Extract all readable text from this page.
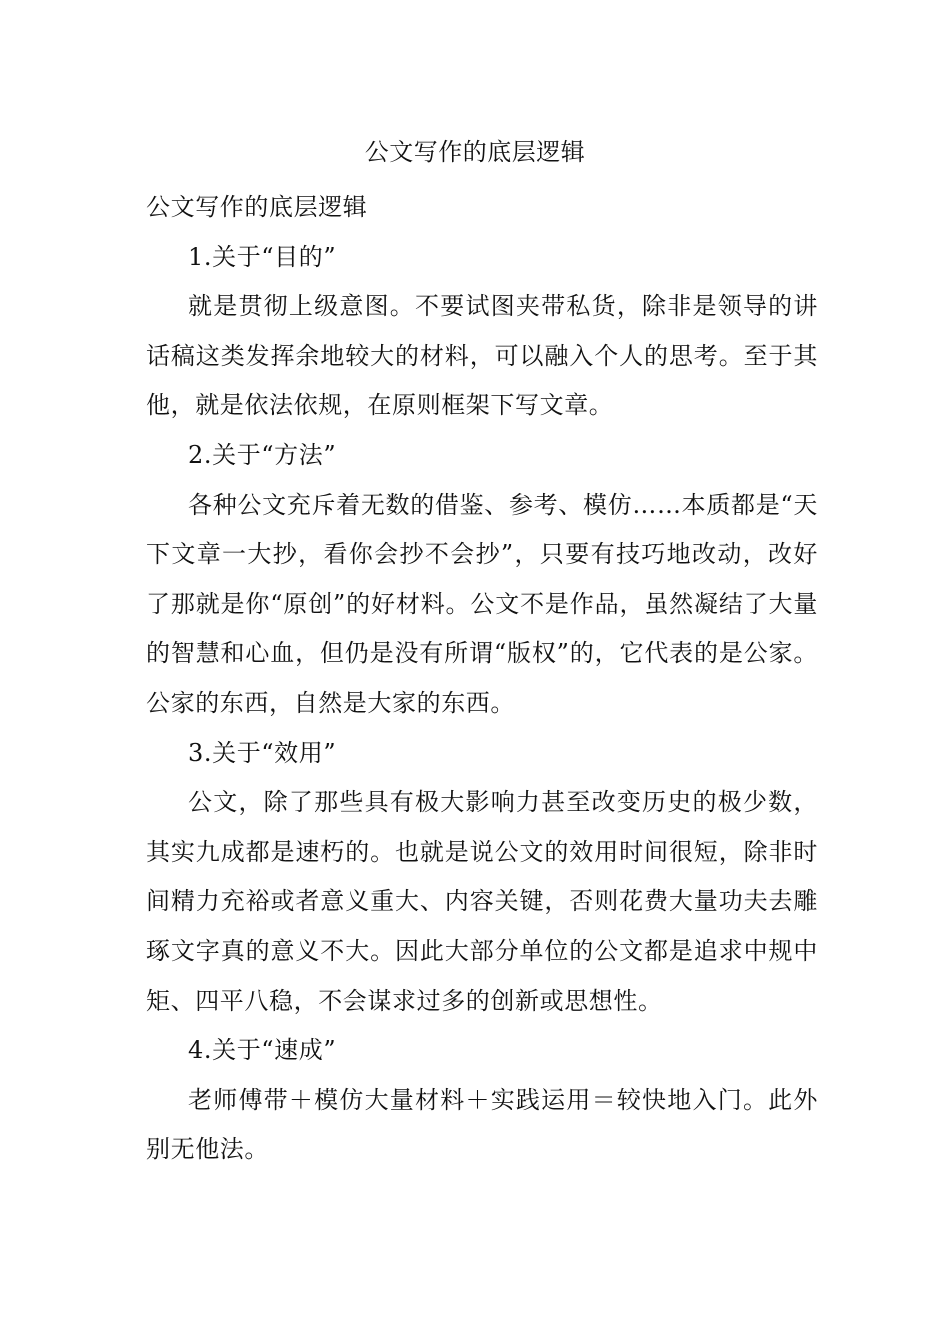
公文写作的底层逻辑

公文写作的底层逻辑

1.关于“目的”

就是贯彻上级意图。不要试图夹带私货，除非是领导的讲话稿这类发挥余地较大的材料，可以融入个人的思考。至于其他，就是依法依规，在原则框架下写文章。

2.关于“方法”

各种公文充斥着无数的借鉴、参考、模仿……本质都是“天下文章一大抄，看你会抄不会抄”，只要有技巧地改动，改好了那就是你“原创”的好材料。公文不是作品，虽然凝结了大量的智慧和心血，但仍是没有所谓“版权”的，它代表的是公家。公家的东西，自然是大家的东西。

3.关于“效用”

公文，除了那些具有极大影响力甚至改变历史的极少数，其实九成都是速朽的。也就是说公文的效用时间很短，除非时间精力充裕或者意义重大、内容关键，否则花费大量功夫去雕琢文字真的意义不大。因此大部分单位的公文都是追求中规中矩、四平八稳，不会谋求过多的创新或思想性。

4.关于“速成”

老师傅带＋模仿大量材料＋实践运用＝较快地入门。此外别无他法。
